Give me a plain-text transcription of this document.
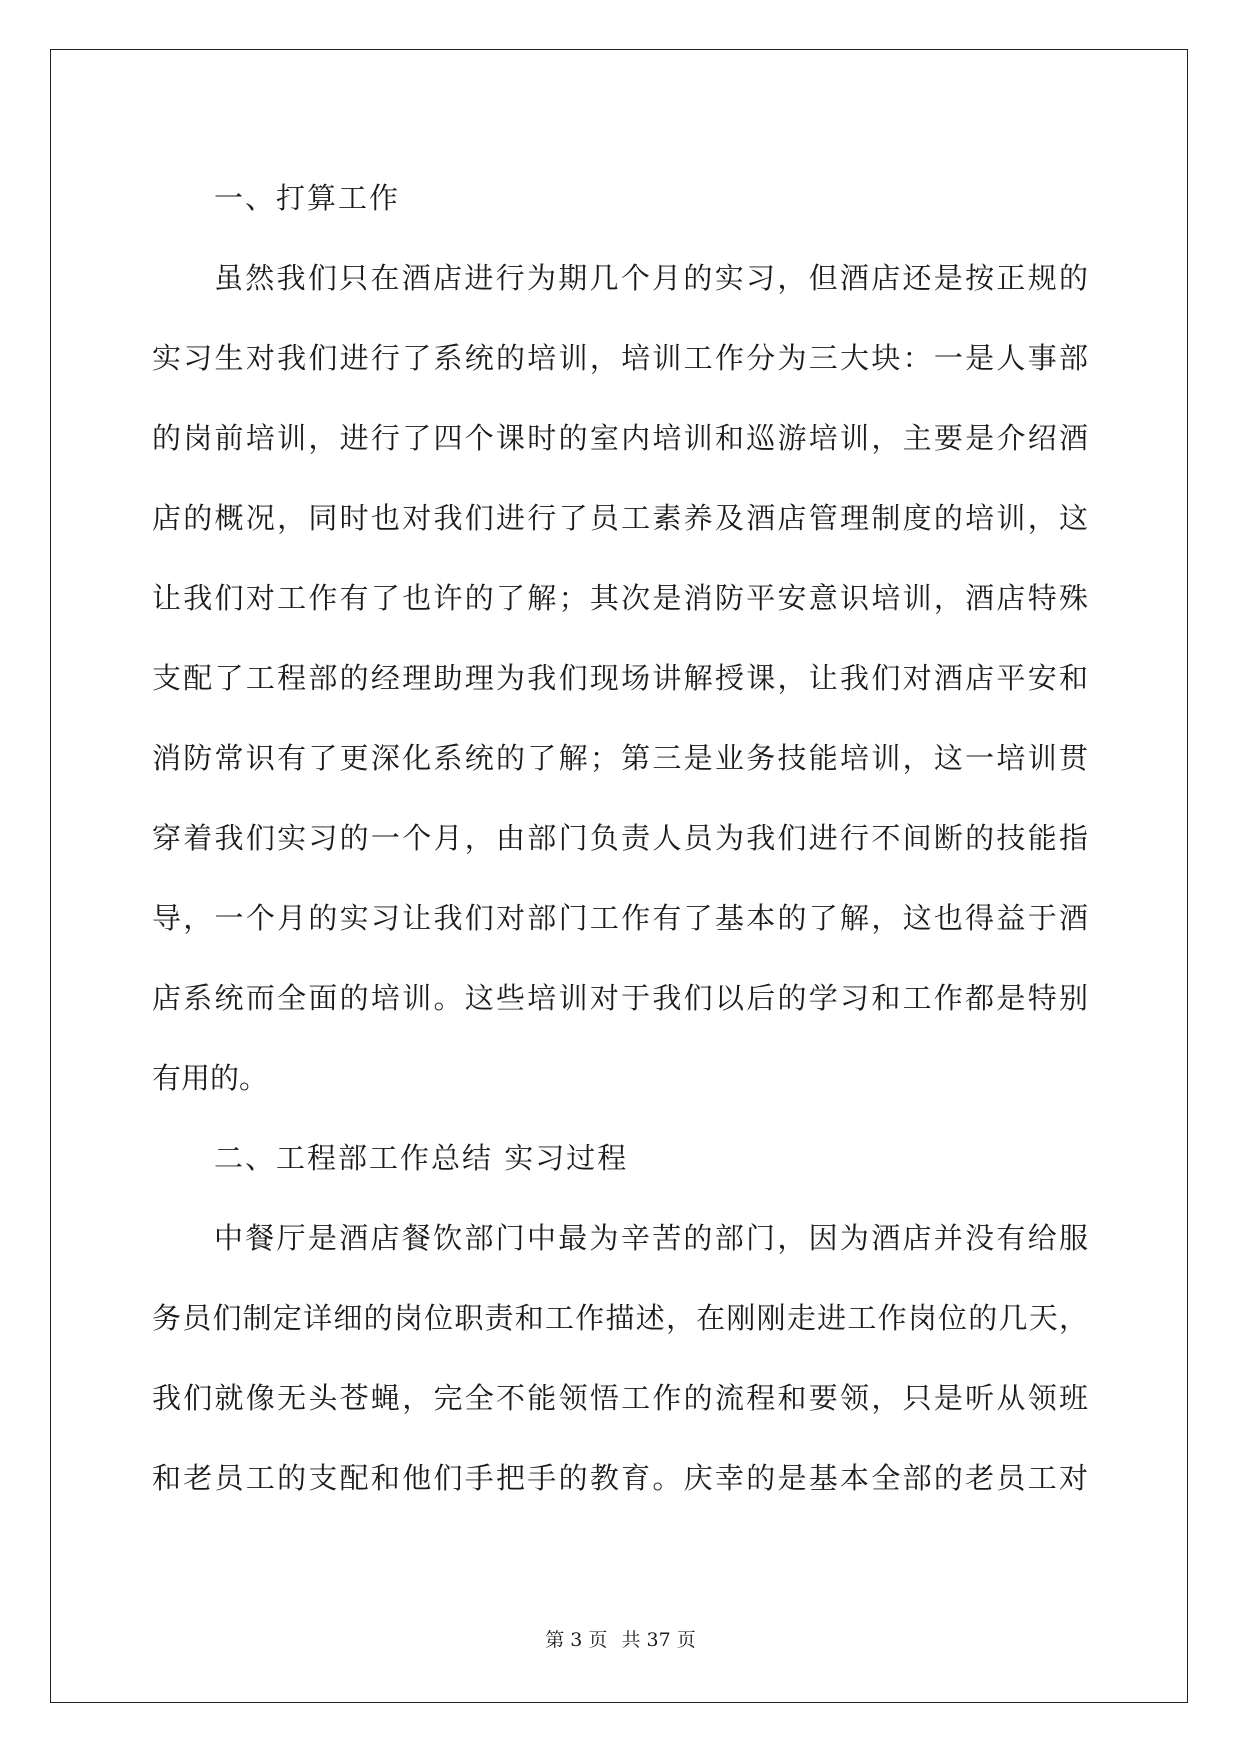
一、打算工作
虽然我们只在酒店进行为期几个月的实习，但酒店还是按正规的
实习生对我们进行了系统的培训，培训工作分为三大块：一是人事部
的岗前培训，进行了四个课时的室内培训和巡游培训，主要是介绍酒
店的概况，同时也对我们进行了员工素养及酒店管理制度的培训，这
让我们对工作有了也许的了解；其次是消防平安意识培训，酒店特殊
支配了工程部的经理助理为我们现场讲解授课，让我们对酒店平安和
消防常识有了更深化系统的了解；第三是业务技能培训，这一培训贯
穿着我们实习的一个月，由部门负责人员为我们进行不间断的技能指
导，一个月的实习让我们对部门工作有了基本的了解，这也得益于酒
店系统而全面的培训。这些培训对于我们以后的学习和工作都是特别
有用的。
二、工程部工作总结 实习过程
中餐厅是酒店餐饮部门中最为辛苦的部门，因为酒店并没有给服
务员们制定详细的岗位职责和工作描述，在刚刚走进工作岗位的几天，
我们就像无头苍蝇，完全不能领悟工作的流程和要领，只是听从领班
和老员工的支配和他们手把手的教育。庆幸的是基本全部的老员工对
第 3 页 共 37 页
